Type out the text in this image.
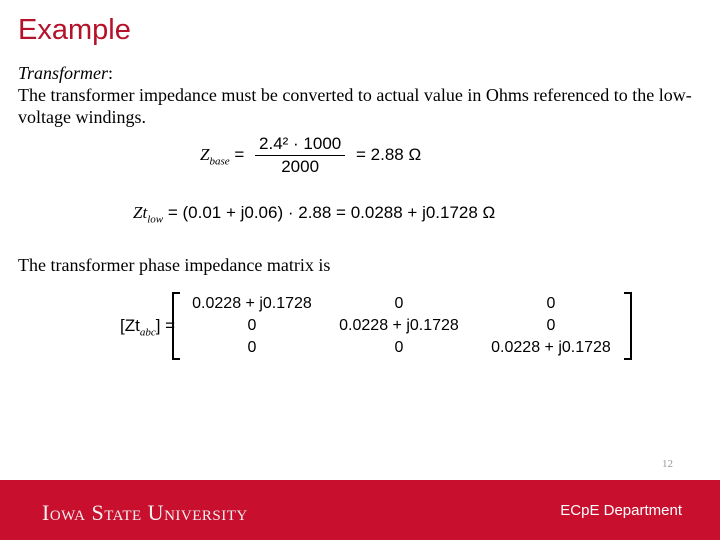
Example
Transformer:
The transformer impedance must be converted to actual value in Ohms referenced to the low-voltage windings.
$Z_{base} = \frac{\text{2.4² · 1000}}{2000} = 2.88$ Ω
$Zt_{low} = (0.01 + j0.06) \cdot 2.88 = 0.0288 + j0.1728$ Ω
The transformer phase impedance matrix is
$[Zt_{abc}]$ =
0.0228 + j0.1728	0	0
0	0.0228 + j0.1728	0
0	0	0.0228 + j0.1728
12
Iowa State University	ECpE Department
